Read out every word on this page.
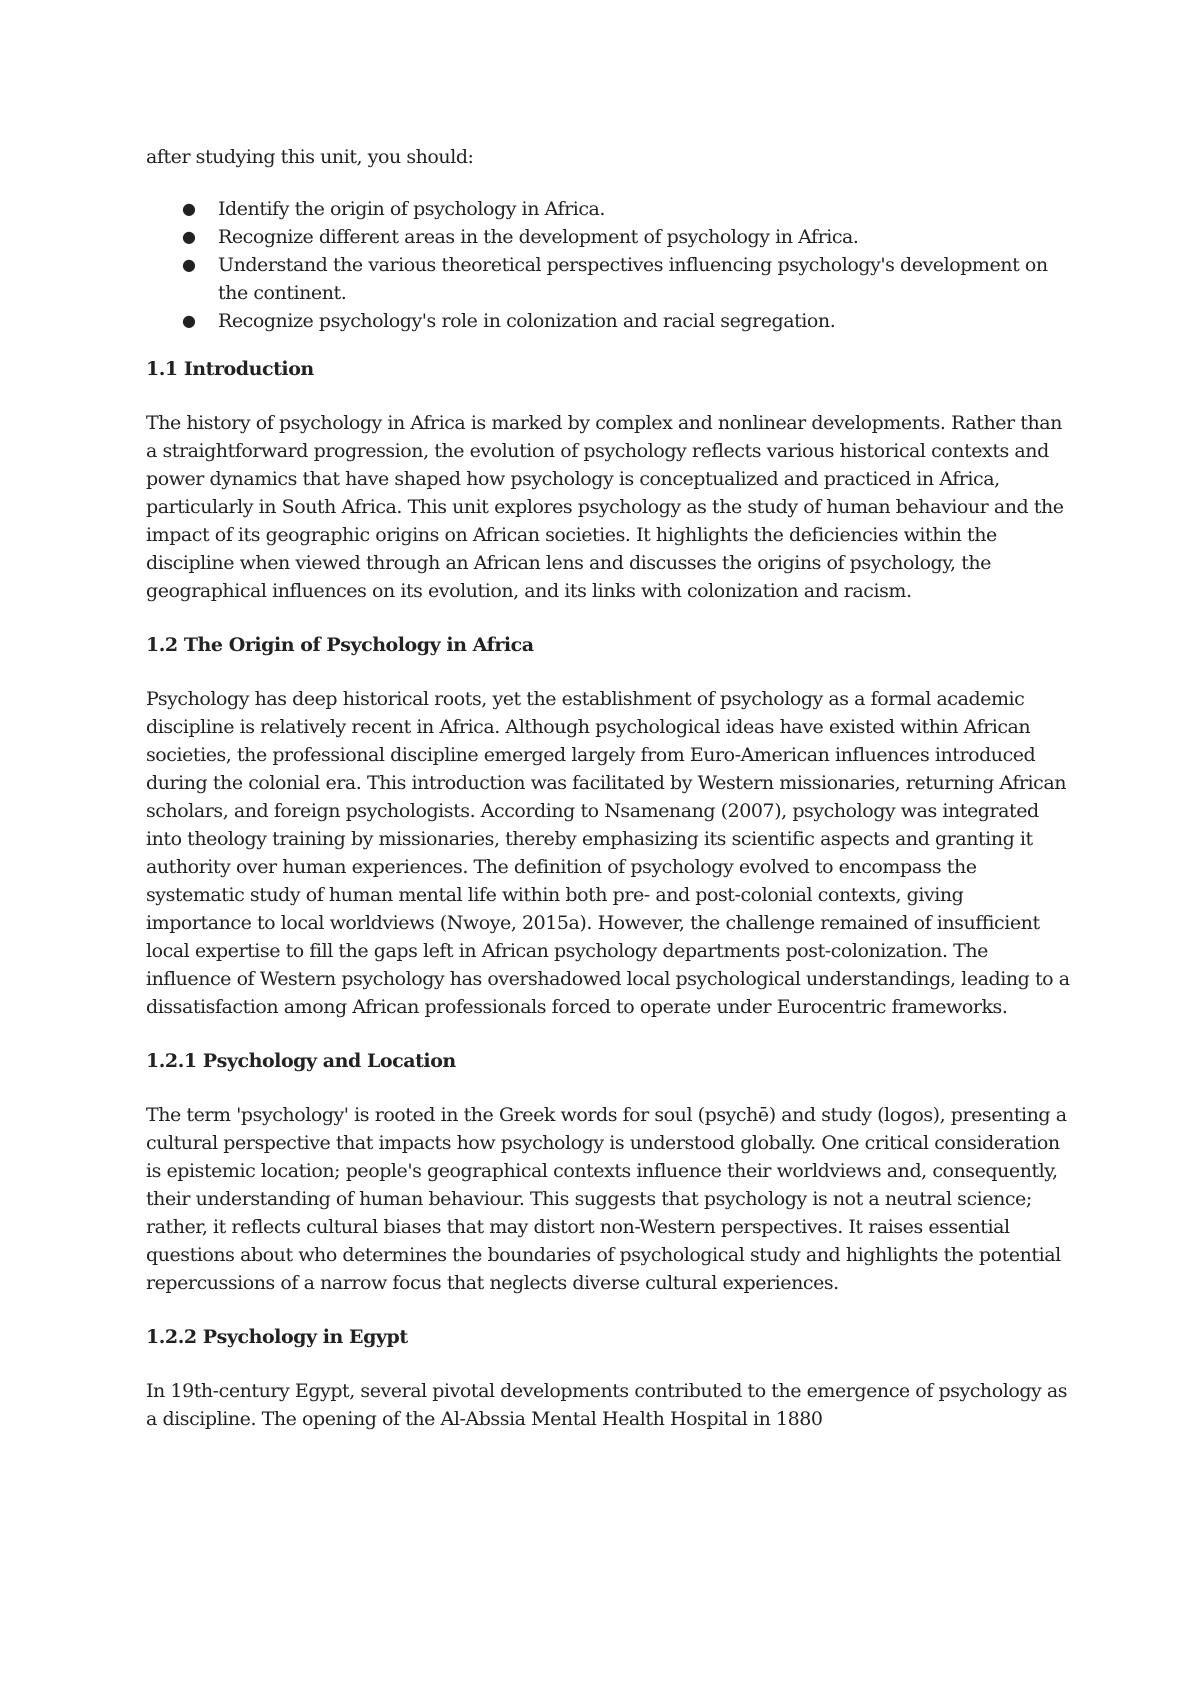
after studying this unit, you should:

● Identify the origin of psychology in Africa.
● Recognize different areas in the development of psychology in Africa.
● Understand the various theoretical perspectives influencing psychology's development on the continent.
● Recognize psychology's role in colonization and racial segregation.
1.1 Introduction

The history of psychology in Africa is marked by complex and nonlinear developments. Rather than a straightforward progression, the evolution of psychology reflects various historical contexts and power dynamics that have shaped how psychology is conceptualized and practiced in Africa, particularly in South Africa. This unit explores psychology as the study of human behaviour and the impact of its geographic origins on African societies. It highlights the deficiencies within the discipline when viewed through an African lens and discusses the origins of psychology, the geographical influences on its evolution, and its links with colonization and racism.

1.2 The Origin of Psychology in Africa

Psychology has deep historical roots, yet the establishment of psychology as a formal academic discipline is relatively recent in Africa. Although psychological ideas have existed within African societies, the professional discipline emerged largely from Euro-American influences introduced during the colonial era. This introduction was facilitated by Western missionaries, returning African scholars, and foreign psychologists. According to Nsamenang (2007), psychology was integrated into theology training by missionaries, thereby emphasizing its scientific aspects and granting it authority over human experiences. The definition of psychology evolved to encompass the systematic study of human mental life within both pre- and post-colonial contexts, giving importance to local worldviews (Nwoye, 2015a). However, the challenge remained of insufficient local expertise to fill the gaps left in African psychology departments post-colonization. The influence of Western psychology has overshadowed local psychological understandings, leading to a dissatisfaction among African professionals forced to operate under Eurocentric frameworks.

1.2.1 Psychology and Location

The term 'psychology' is rooted in the Greek words for soul (psychē) and study (logos), presenting a cultural perspective that impacts how psychology is understood globally. One critical consideration is epistemic location; people's geographical contexts influence their worldviews and, consequently, their understanding of human behaviour. This suggests that psychology is not a neutral science; rather, it reflects cultural biases that may distort non-Western perspectives. It raises essential questions about who determines the boundaries of psychological study and highlights the potential repercussions of a narrow focus that neglects diverse cultural experiences.

1.2.2 Psychology in Egypt

In 19th-century Egypt, several pivotal developments contributed to the emergence of psychology as a discipline. The opening of the Al-Abssia Mental Health Hospital in 1880
